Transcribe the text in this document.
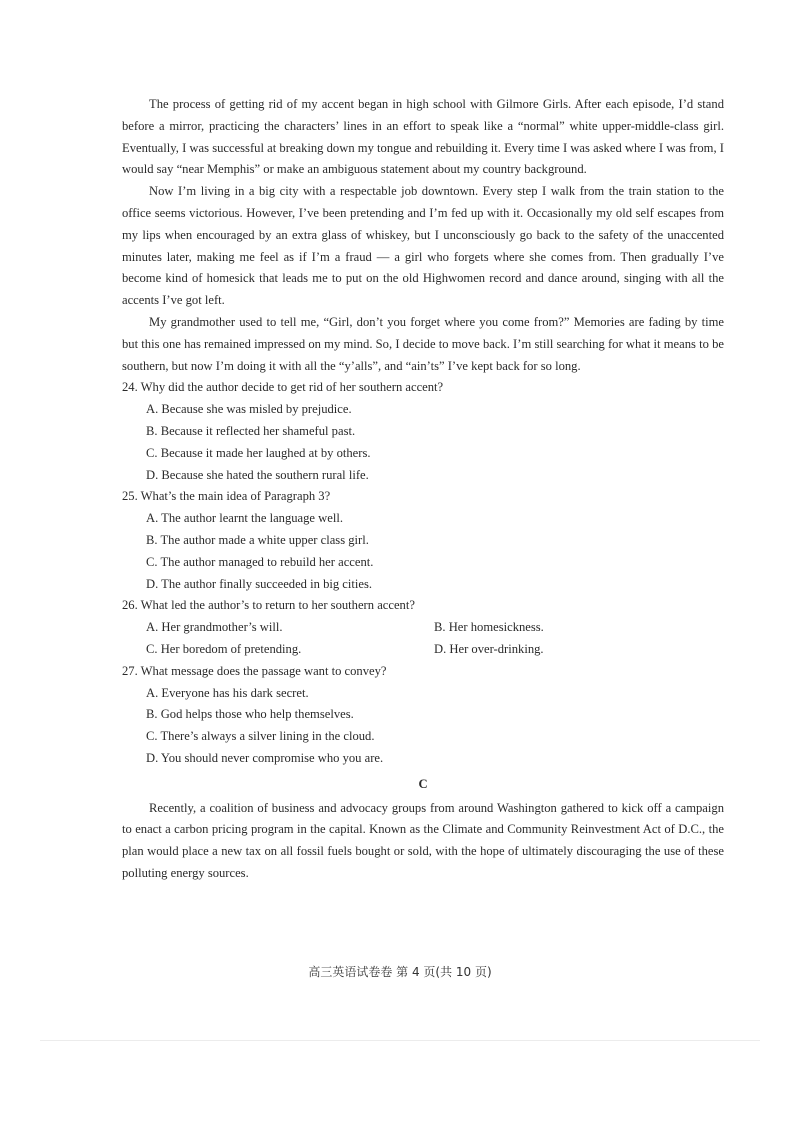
The process of getting rid of my accent began in high school with Gilmore Girls. After each episode, I’d stand before a mirror, practicing the characters’ lines in an effort to speak like a “normal” white upper-middle-class girl. Eventually, I was successful at breaking down my tongue and rebuilding it. Every time I was asked where I was from, I would say “near Memphis” or make an ambiguous statement about my country background.

Now I’m living in a big city with a respectable job downtown. Every step I walk from the train station to the office seems victorious. However, I’ve been pretending and I’m fed up with it. Occasionally my old self escapes from my lips when encouraged by an extra glass of whiskey, but I unconsciously go back to the safety of the unaccented minutes later, making me feel as if I’m a fraud — a girl who forgets where she comes from. Then gradually I’ve become kind of homesick that leads me to put on the old Highwomen record and dance around, singing with all the accents I’ve got left.

My grandmother used to tell me, “Girl, don’t you forget where you come from?” Memories are fading by time but this one has remained impressed on my mind. So, I decide to move back. I’m still searching for what it means to be southern, but now I’m doing it with all the “y’alls”, and “ain’ts” I’ve kept back for so long.

24. Why did the author decide to get rid of her southern accent?

A. Because she was misled by prejudice.

B. Because it reflected her shameful past.

C. Because it made her laughed at by others.

D. Because she hated the southern rural life.

25. What’s the main idea of Paragraph 3?

A. The author learnt the language well.

B. The author made a white upper class girl.

C. The author managed to rebuild her accent.

D. The author finally succeeded in big cities.

26. What led the author’s to return to her southern accent?

A. Her grandmother’s will.	B. Her homesickness.
C. Her boredom of pretending.	D. Her over-drinking.

27. What message does the passage want to convey?

A. Everyone has his dark secret.

B. God helps those who help themselves.

C. There’s always a silver lining in the cloud.

D. You should never compromise who you are.

C

Recently, a coalition of business and advocacy groups from around Washington gathered to kick off a campaign to enact a carbon pricing program in the capital. Known as the Climate and Community Reinvestment Act of D.C., the plan would place a new tax on all fossil fuels bought or sold, with the hope of ultimately discouraging the use of these polluting energy sources.

高三英语试卷卷 第 4 页(共 10 页)
